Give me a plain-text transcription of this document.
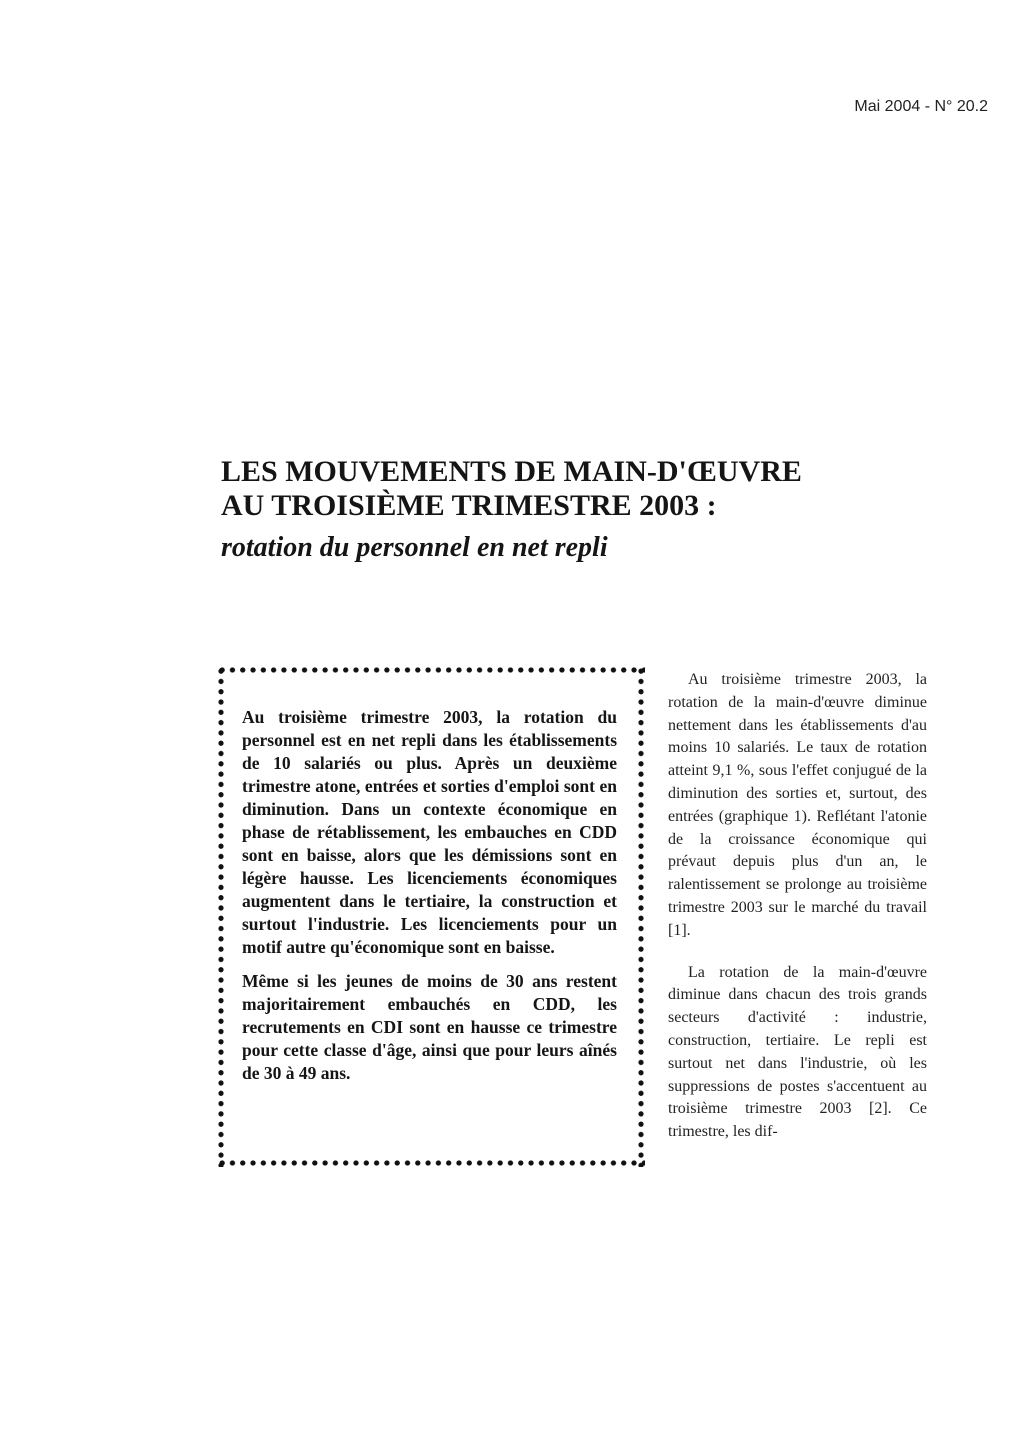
Mai 2004 - N° 20.2
LES MOUVEMENTS DE MAIN-D'ŒUVRE
AU TROISIÈME TRIMESTRE 2003 :
rotation du personnel en net repli

Au troisième trimestre 2003, la rotation du personnel est en net repli dans les établissements de 10 salariés ou plus. Après un deuxième trimestre atone, entrées et sorties d'emploi sont en diminution. Dans un contexte économique en phase de rétablissement, les embauches en CDD sont en baisse, alors que les démissions sont en légère hausse. Les licenciements économiques augmentent dans le tertiaire, la construction et surtout l'industrie. Les licenciements pour un motif autre qu'économique sont en baisse.

Même si les jeunes de moins de 30 ans restent majoritairement embauchés en CDD, les recrutements en CDI sont en hausse ce trimestre pour cette classe d'âge, ainsi que pour leurs aînés de 30 à 49 ans.

Au troisième trimestre 2003, la rotation de la main-d'œuvre diminue nettement dans les établissements d'au moins 10 salariés. Le taux de rotation atteint 9,1 %, sous l'effet conjugué de la diminution des sorties et, surtout, des entrées (graphique 1). Reflétant l'atonie de la croissance économique qui prévaut depuis plus d'un an, le ralentissement se prolonge au troisième trimestre 2003 sur le marché du travail [1].

La rotation de la main-d'œuvre diminue dans chacun des trois grands secteurs d'activité : industrie, construction, tertiaire. Le repli est surtout net dans l'industrie, où les suppressions de postes s'accentuent au troisième trimestre 2003 [2]. Ce trimestre, les dif-
